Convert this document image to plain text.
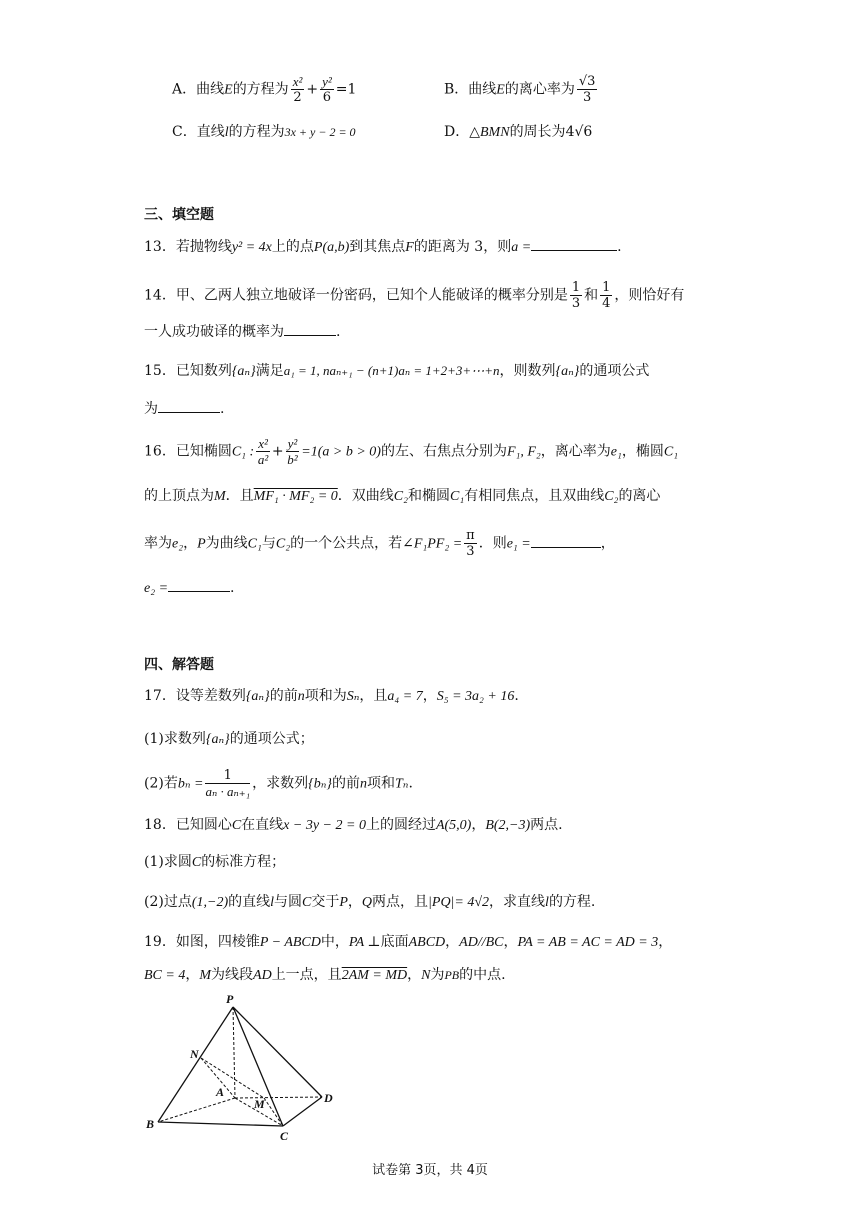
A．曲线E的方程为 $\frac{\text{x²}}{2} + \frac{\text{y²}}{6} =1$	B．曲线E的离心率为 $\frac{√3}{3}$
C．直线l的方程为3x + y − 2 = 0	D．△BMN的周长为4√6
三、填空题
13．若抛物线y² = 4x上的点P(a,b)到其焦点F的距离为 3，则a =	.
14．甲、乙两人独立地破译一份密码，已知个人能破译的概率分别是 $\frac{1}{3}$ 和 $\frac{1}{4}$ ，则恰好有
一人成功破译的概率为	.
15．已知数列{aₙ}满足a₁ = 1, naₙ₊₁ − (n+1)aₙ = 1+2+3+⋯+n，则数列{aₙ}的通项公式
为	.
16．已知椭圆C₁ : $\frac{\text{x²}}{\text{a²}} + \frac{\text{y²}}{\text{b²}} =1(a > b > 0)$的左、右焦点分别为F₁, F₂，离心率为e₁，椭圆C₁
的上顶点为M．且MF₁ · MF₂ = 0．双曲线C₂和椭圆C₁有相同焦点，且双曲线C₂的离心
率为e₂，P为曲线C₁与C₂的一个公共点，若∠F₁PF₂ = $\frac{\pi}{3}$ ．则e₁ =	，
e₂ =	.
四、解答题
17．设等差数列{aₙ}的前n项和为Sₙ，且a₄ = 7，S₅ = 3a₂ + 16.
(1)求数列{aₙ}的通项公式；
(2)若$b_n = \frac{1}{\text{aₙ · aₙ₊₁}}$ ，求数列{bₙ}的前n项和Tₙ.
18．已知圆心C在直线x − 3y − 2 = 0上的圆经过A(5,0)，B(2,−3)两点.
(1)求圆C的标准方程；
(2)过点(1,−2)的直线l与圆C交于P，Q两点，且|PQ|= 4√2，求直线l的方程.
19．如图，四棱锥P − ABCD中，PA ⊥底面ABCD，AD//BC，PA = AB = AC = AD = 3，
BC = 4，M为线段AD上一点，且2AM = MD，N为PB的中点.
P
N
A
M	D
B
C
试卷第 3页，共 4页
